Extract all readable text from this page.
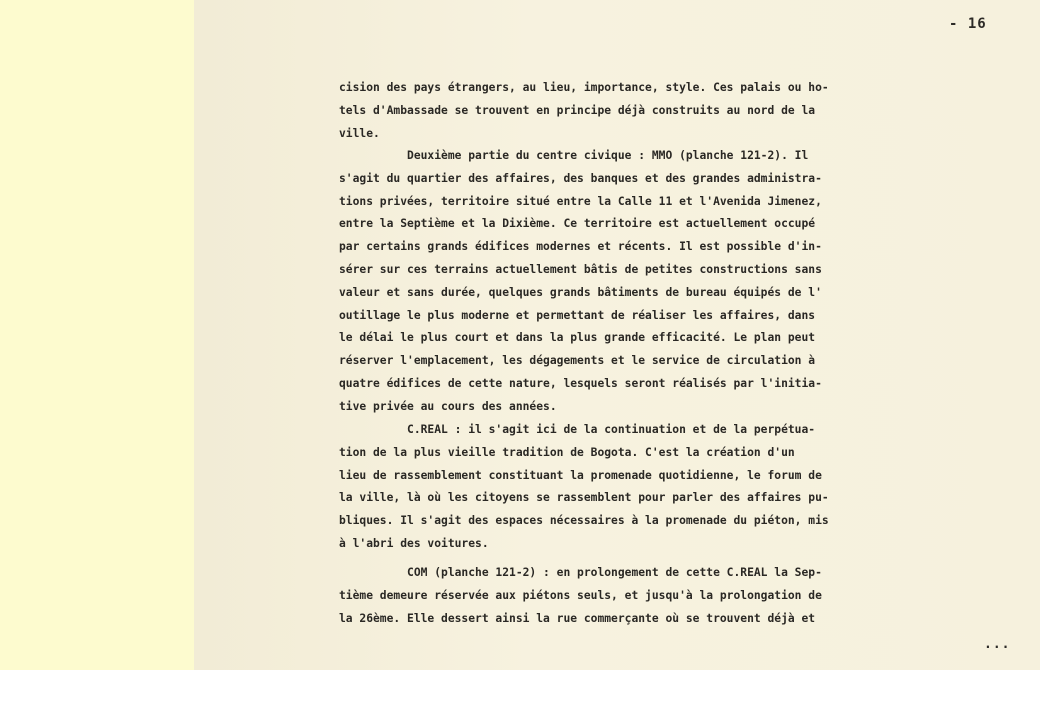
- 16
cision des pays étrangers, au lieu, importance, style. Ces palais ou ho-
tels d'Ambassade se trouvent en principe déjà construits au nord de la
ville.
Deuxième partie du centre civique : MMO (planche 121-2). Il
s'agit du quartier des affaires, des banques et des grandes administra-
tions privées, territoire situé entre la Calle 11 et l'Avenida Jimenez,
entre la Septième et la Dixième. Ce territoire est actuellement occupé
par certains grands édifices modernes et récents. Il est possible d'in-
sérer sur ces terrains actuellement bâtis de petites constructions sans
valeur et sans durée, quelques grands bâtiments de bureau équipés de l'
outillage le plus moderne et permettant de réaliser les affaires, dans
le délai le plus court et dans la plus grande efficacité. Le plan peut
réserver l'emplacement, les dégagements et le service de circulation à
quatre édifices de cette nature, lesquels seront réalisés par l'initia-
tive privée au cours des années.
C.REAL : il s'agit ici de la continuation et de la perpétua-
tion de la plus vieille tradition de Bogota. C'est la création d'un
lieu de rassemblement constituant la promenade quotidienne, le forum de
la ville, là où les citoyens se rassemblent pour parler des affaires pu-
bliques. Il s'agit des espaces nécessaires à la promenade du piéton, mis
à l'abri des voitures.
COM (planche 121-2) : en prolongement de cette C.REAL la Sep-
tième demeure réservée aux piétons seuls, et jusqu'à la prolongation de
la 26ème. Elle dessert ainsi la rue commerçante où se trouvent déjà et
...
